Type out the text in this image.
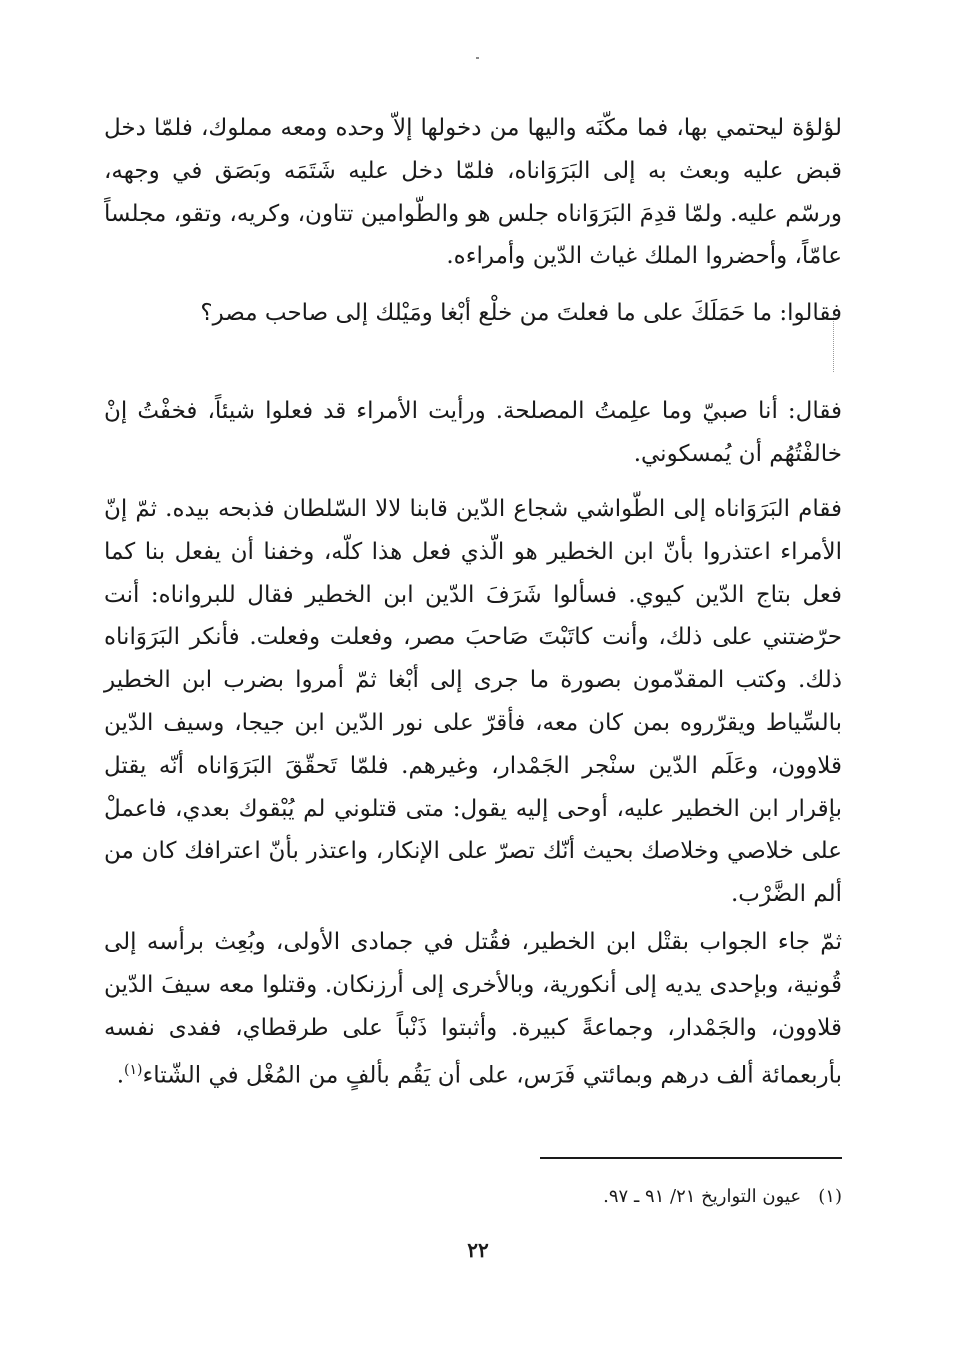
لؤلؤة ليحتمي بها، فما مكّنَه واليها من دخولها إلاّ وحده ومعه مملوك، فلمّا دخل قبض عليه وبعث به إلى البَرَوَاناه، فلمّا دخل عليه شَتَمَه وبَصَق في وجهه، ورسّم عليه. ولمّا قدِمَ البَرَوَاناه جلس هو والطّوامين تتاون، وكريه، وتقو، مجلساً عامّاً، وأحضروا الملك غياث الدّين وأمراءه.

فقالوا: ما حَمَلَكَ على ما فعلتَ من خلْع أبْغا ومَيْلك إلى صاحب مصر؟

فقال: أنا صبيّ وما علِمتُ المصلحة. ورأيت الأمراء قد فعلوا شيئاً، فخفْتُ إنْ خالفْتُهُم أن يُمسكوني.

فقام البَرَوَاناه إلى الطّواشي شجاع الدّين قابنا لالا السّلطان فذبحه بيده. ثمّ إنّ الأمراء اعتذروا بأنّ ابن الخطير هو الّذي فعل هذا كلّه، وخفنا أن يفعل بنا كما فعل بتاج الدّين كيوي. فسألوا شَرَفَ الدّين ابن الخطير فقال للبرواناه: أنت حرّضتني على ذلك، وأنت كاتَبْتَ صَاحبَ مصر، وفعلت وفعلت. فأنكر البَرَوَاناه ذلك. وكتب المقدّمون بصورة ما جرى إلى أبْغا ثمّ أمروا بضرب ابن الخطير بالسِّياط ويقرّروه بمن كان معه، فأقرّ على نور الدّين ابن جيجا، وسيف الدّين قلاوون، وعَلَم الدّين سنْجر الجَمْدار، وغيرهم. فلمّا تَحقّقَ البَرَوَاناه أنّه يقتل بإقرار ابن الخطير عليه، أوحى إليه يقول: متى قتلوني لم يُبْقوك بعدي، فاعملْ على خلاصي وخلاصك بحيث أنّك تصرّ على الإنكار، واعتذر بأنّ اعترافك كان من ألم الضَّرْب.

ثمّ جاء الجواب بقتْل ابن الخطير، فقُتل في جمادى الأولى، وبُعِث برأسه إلى قُونية، وبإحدى يديه إلى أنكورية، وبالأخرى إلى أرزنكان. وقتلوا معه سيفَ الدّين قلاوون، والجَمْدار، وجماعةً كبيرة. وأثبتوا ذَنْباً على طرقطاي، ففدى نفسه بأربعمائة ألف درهم وبمائتي فَرَس، على أن يَقُم بألفٍ من المُغْل في الشّتاء$^{(١)}$.

(١)   عيون التواريخ ٢١/ ٩١ ـ ٩٧.

٢٢
